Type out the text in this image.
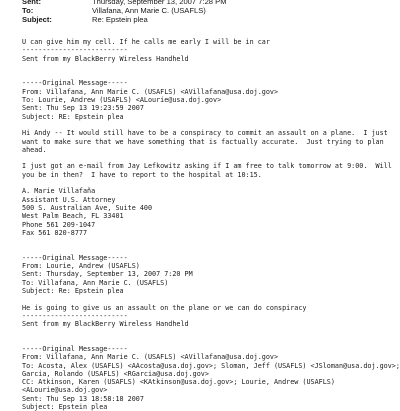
Sent:	Thursday, September 13, 2007 7:28 PM
To:	Villafana, Ann Marie C. (USAFLS)
Subject:	Re: Epstein plea
U can give him my cell. If he calls me early I will be in car
--------------------------
Sent from my BlackBerry Wireless Handheld
-----Original Message-----
From: Villafana, Ann Marie C. (USAFLS) <AVillafana@usa.doj.gov>
To: Lourie, Andrew (USAFLS) <ALourie@usa.doj.gov>
Sent: Thu Sep 13 19:23:59 2007
Subject: RE: Epstein plea
Hi Andy -- It would still have to be a conspiracy to commit an assault on a plane.  I just
want to make sure that we have something that is factually accurate.  Just trying to plan
ahead.
I just got an e-mail from Jay Lefkowitz asking if I am free to talk tomorrow at 9:00.  Will
you be in then?  I have to report to the hospital at 10:15.
A. Marie Villafaña
Assistant U.S. Attorney
500 S. Australian Ave, Suite 400
West Palm Beach, FL 33401
Phone 561 209-1047
Fax 561 820-8777
-----Original Message-----
From: Lourie, Andrew (USAFLS)
Sent: Thursday, September 13, 2007 7:20 PM
To: Villafana, Ann Marie C. (USAFLS)
Subject: Re: Epstein plea
He is going to give us an assault on the plane or we can do conspiracy
--------------------------
Sent from my BlackBerry Wireless Handheld
-----Original Message-----
From: Villafana, Ann Marie C. (USAFLS) <AVillafana@usa.doj.gov>
To: Acosta, Alex (USAFLS) <AAcosta@usa.doj.gov>; Sloman, Jeff (USAFLS) <JSloman@usa.doj.gov>;
Garcia, Rolando (USAFLS) <RGarcia@usa.doj.gov>
CC: Atkinson, Karen (USAFLS) <KAtkinson@usa.doj.gov>; Lourie, Andrew (USAFLS)
<ALourie@usa.doj.gov>
Sent: Thu Sep 13 18:58:18 2007
Subject: Epstein plea
